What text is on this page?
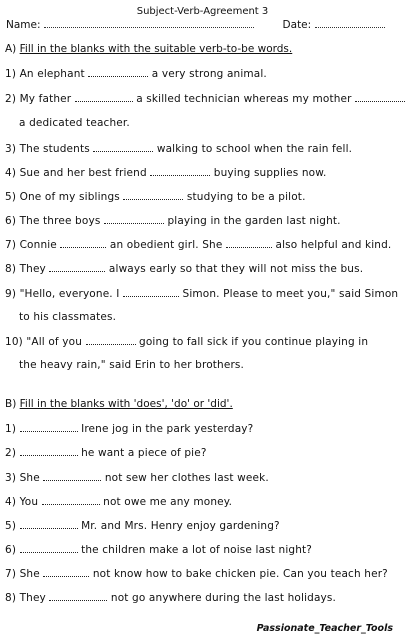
Subject-Verb-Agreement 3
Name:	Date:
A) Fill in the blanks with the suitable verb-to-be words.
1) An elephant	a very strong animal.
2) My father	a skilled technician whereas my mother
a dedicated teacher.
3) The students	walking to school when the rain fell.
4) Sue and her best friend	buying supplies now.
5) One of my siblings	studying to be a pilot.
6) The three boys	playing in the garden last night.
7) Connie	an obedient girl. She	also helpful and kind.
8) They	always early so that they will not miss the bus.
9) "Hello, everyone. I	Simon. Please to meet you," said Simon
to his classmates.
10) "All of you	going to fall sick if you continue playing in
the heavy rain," said Erin to her brothers.
B) Fill in the blanks with 'does', 'do' or 'did'.
1)	Irene jog in the park yesterday?
2)	he want a piece of pie?
3) She	not sew her clothes last week.
4) You	not owe me any money.
5)	Mr. and Mrs. Henry enjoy gardening?
6)	the children make a lot of noise last night?
7) She	not know how to bake chicken pie. Can you teach her?
8) They	not go anywhere during the last holidays.
Passionate_Teacher_Tools
